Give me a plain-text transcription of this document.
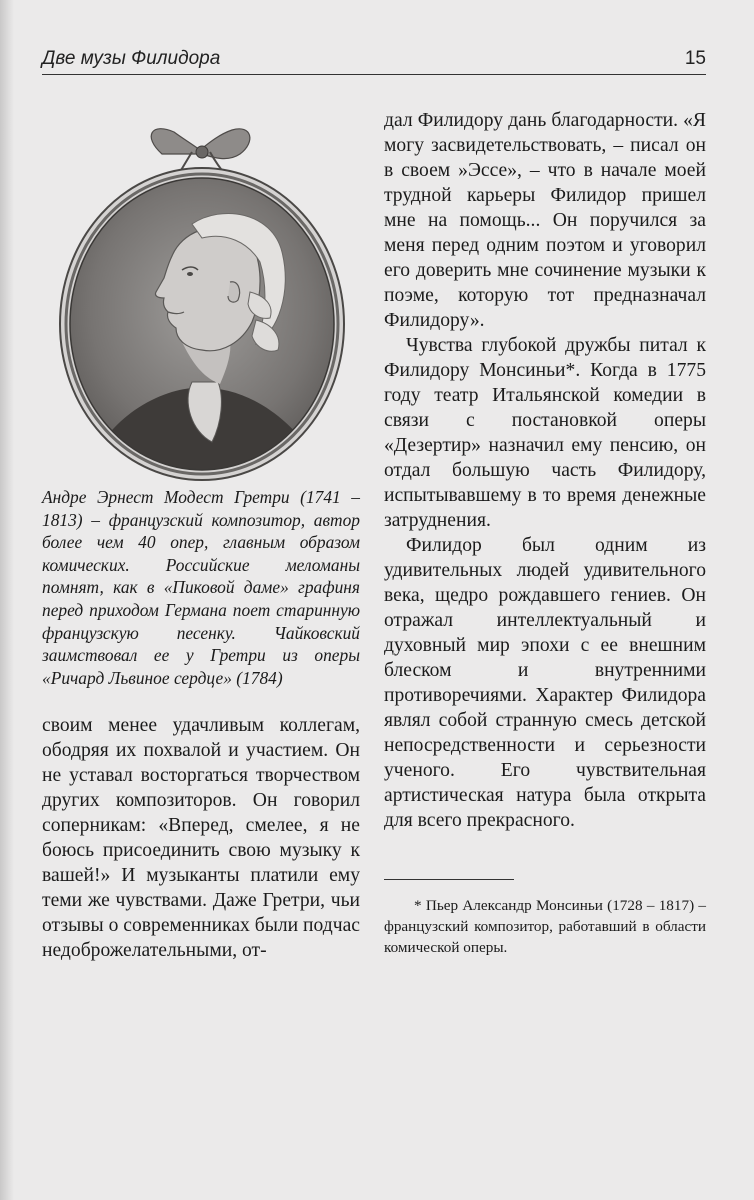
Две музы Филидора	15
Андре Эрнест Модест Гретри (1741 – 1813) – французский композитор, автор более чем 40 опер, главным образом комических. Российские меломаны помнят, как в «Пиковой даме» графиня перед приходом Германа поет старинную французскую песенку. Чайковский заимствовал ее у Гретри из оперы «Ричард Львиное сердце» (1784)

своим менее удачливым коллегам, ободряя их похвалой и участием. Он не уставал восторгаться творчеством других композиторов. Он говорил соперникам: «Вперед, смелее, я не боюсь присоединить свою музыку к вашей!» И музыканты платили ему теми же чувствами. Даже Гретри, чьи отзывы о современниках были подчас недоброжелательными, от-

дал Филидору дань благодарности. «Я могу засвидетельствовать, – писал он в своем »Эссе», – что в начале моей трудной карьеры Филидор пришел мне на помощь... Он поручился за меня перед одним поэтом и уговорил его доверить мне сочинение музыки к поэме, которую тот предназначал Филидору».

Чувства глубокой дружбы питал к Филидору Монсиньи*. Когда в 1775 году театр Итальянской комедии в связи с постановкой оперы «Дезертир» назначил ему пенсию, он отдал большую часть Филидору, испытывавшему в то время денежные затруднения.

Филидор был одним из удивительных людей удивительного века, щедро рождавшего гениев. Он отражал интеллектуальный и духовный мир эпохи с ее внешним блеском и внутренними противоречиями. Характер Филидора являл собой странную смесь детской непосредственности и серьезности ученого. Его чувствительная артистическая натура была открыта для всего прекрасного.

* Пьер Александр Монсиньи (1728 – 1817) – французский композитор, работавший в области комической оперы.
